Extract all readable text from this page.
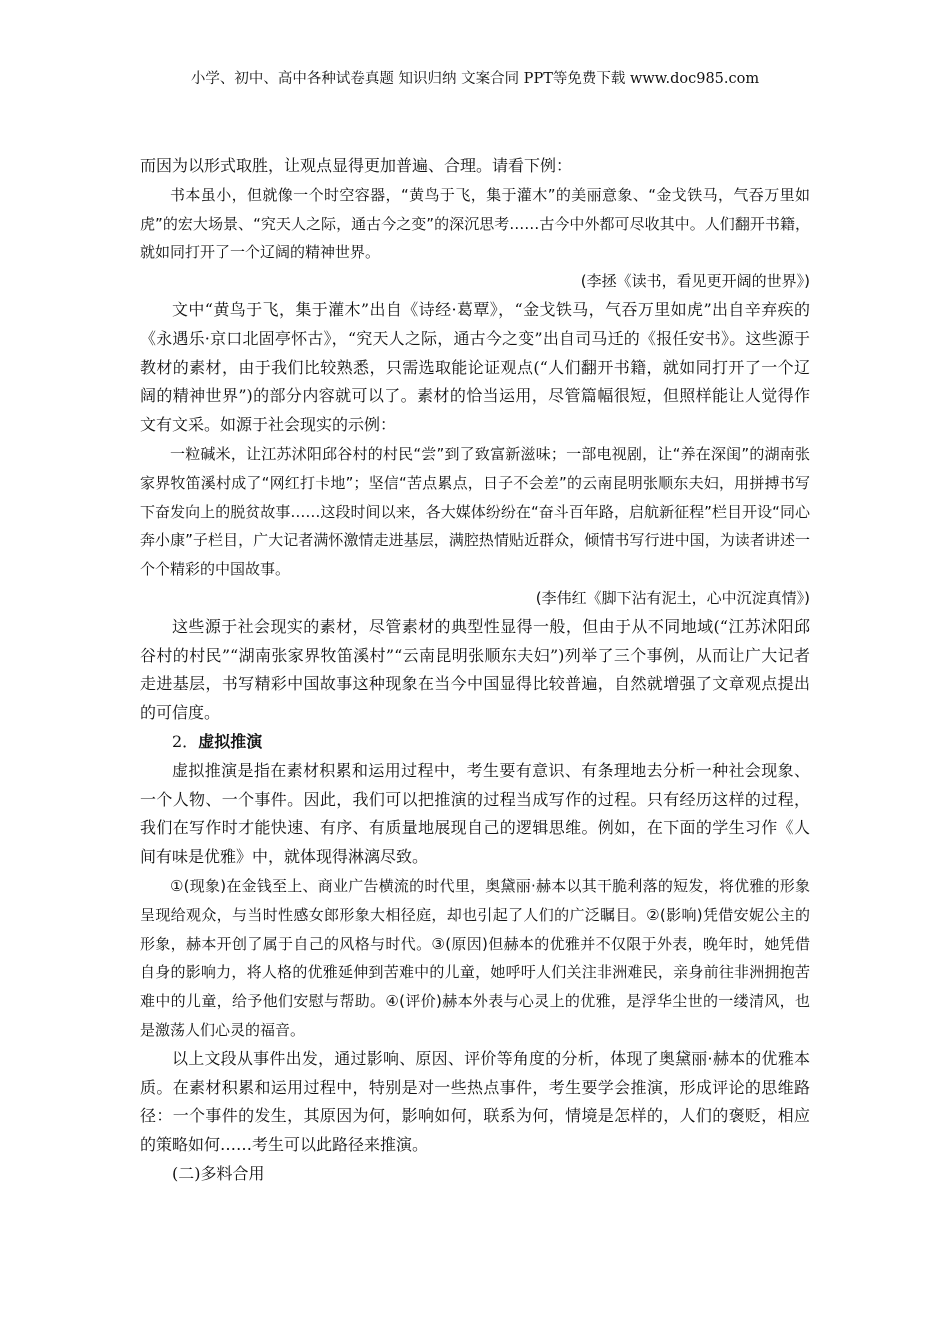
小学、初中、高中各种试卷真题 知识归纳 文案合同 PPT等免费下载 www.doc985.com

而因为以形式取胜，让观点显得更加普遍、合理。请看下例：

书本虽小，但就像一个时空容器，“黄鸟于飞，集于灌木”的美丽意象、“金戈铁马，气吞万里如虎”的宏大场景、“究天人之际，通古今之变”的深沉思考……古今中外都可尽收其中。人们翻开书籍，就如同打开了一个辽阔的精神世界。

(李拯《读书，看见更开阔的世界》)

文中“黄鸟于飞，集于灌木”出自《诗经·葛覃》，“金戈铁马，气吞万里如虎”出自辛弃疾的《永遇乐·京口北固亭怀古》，“究天人之际，通古今之变”出自司马迁的《报任安书》。这些源于教材的素材，由于我们比较熟悉，只需选取能论证观点(“人们翻开书籍，就如同打开了一个辽阔的精神世界”)的部分内容就可以了。素材的恰当运用，尽管篇幅很短，但照样能让人觉得作文有文采。如源于社会现实的示例：

一粒碱米，让江苏沭阳邱谷村的村民“尝”到了致富新滋味；一部电视剧，让“养在深闺”的湖南张家界牧笛溪村成了“网红打卡地”；坚信“苦点累点，日子不会差”的云南昆明张顺东夫妇，用拼搏书写下奋发向上的脱贫故事……这段时间以来，各大媒体纷纷在“奋斗百年路，启航新征程”栏目开设“同心奔小康”子栏目，广大记者满怀激情走进基层，满腔热情贴近群众，倾情书写行进中国，为读者讲述一个个精彩的中国故事。

(李伟红《脚下沾有泥土，心中沉淀真情》)

这些源于社会现实的素材，尽管素材的典型性显得一般，但由于从不同地域(“江苏沭阳邱谷村的村民”“湖南张家界牧笛溪村”“云南昆明张顺东夫妇”)列举了三个事例，从而让广大记者走进基层，书写精彩中国故事这种现象在当今中国显得比较普遍，自然就增强了文章观点提出的可信度。

2．虚拟推演

虚拟推演是指在素材积累和运用过程中，考生要有意识、有条理地去分析一种社会现象、一个人物、一个事件。因此，我们可以把推演的过程当成写作的过程。只有经历这样的过程，我们在写作时才能快速、有序、有质量地展现自己的逻辑思维。例如，在下面的学生习作《人间有味是优雅》中，就体现得淋漓尽致。

①(现象)在金钱至上、商业广告横流的时代里，奥黛丽·赫本以其干脆利落的短发，将优雅的形象呈现给观众，与当时性感女郎形象大相径庭，却也引起了人们的广泛瞩目。②(影响)凭借安妮公主的形象，赫本开创了属于自己的风格与时代。③(原因)但赫本的优雅并不仅限于外表，晚年时，她凭借自身的影响力，将人格的优雅延伸到苦难中的儿童，她呼吁人们关注非洲难民，亲身前往非洲拥抱苦难中的儿童，给予他们安慰与帮助。④(评价)赫本外表与心灵上的优雅，是浮华尘世的一缕清风，也是激荡人们心灵的福音。

以上文段从事件出发，通过影响、原因、评价等角度的分析，体现了奥黛丽·赫本的优雅本质。在素材积累和运用过程中，特别是对一些热点事件，考生要学会推演，形成评论的思维路径：一个事件的发生，其原因为何，影响如何，联系为何，情境是怎样的，人们的褒贬，相应的策略如何……考生可以此路径来推演。

(二)多料合用
